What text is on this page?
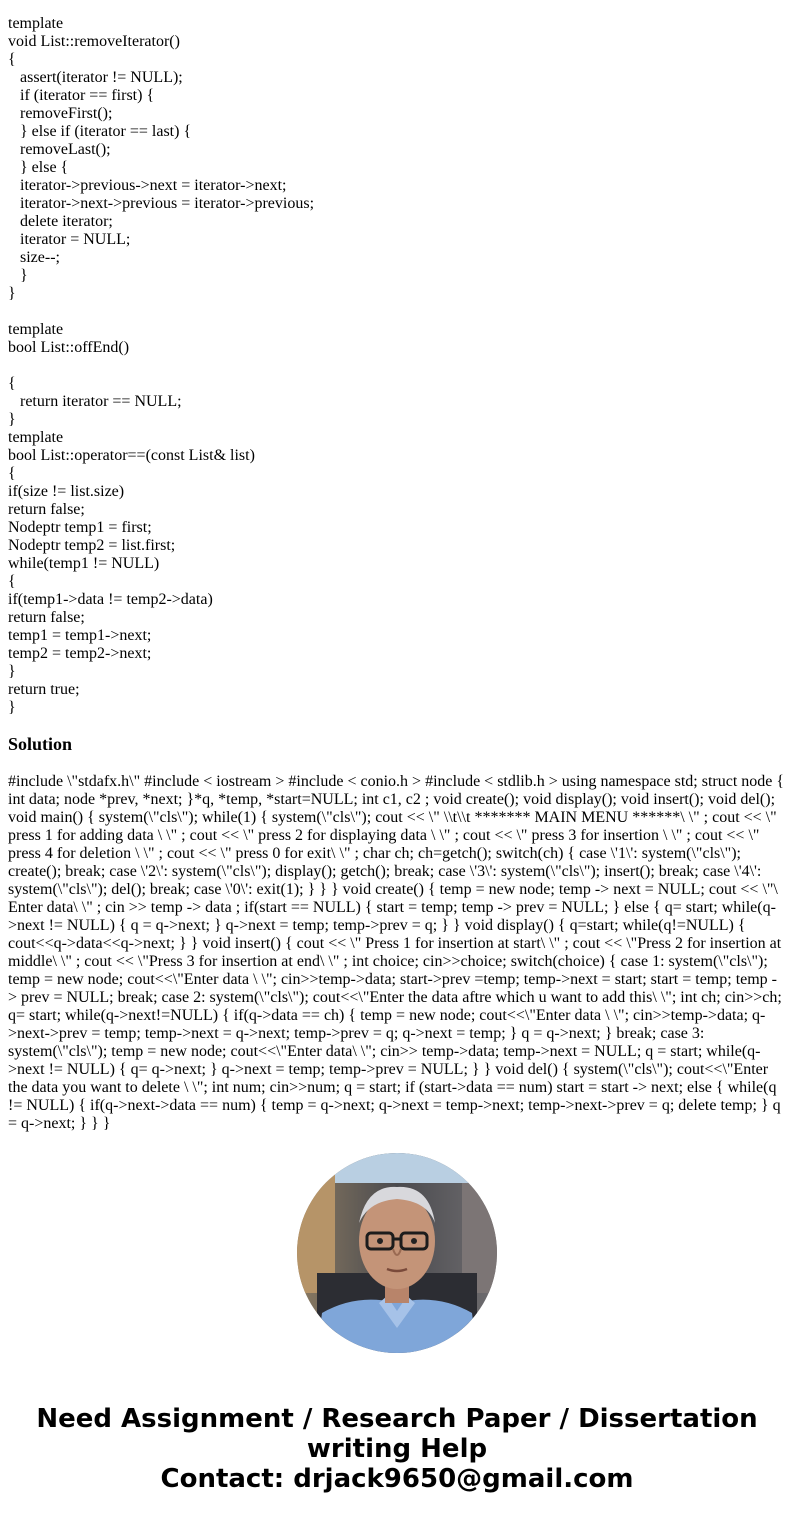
template
void List::removeIterator()
{
assert(iterator != NULL);
if (iterator == first) {
removeFirst();
} else if (iterator == last) {
removeLast();
} else {
iterator->previous->next = iterator->next;
iterator->next->previous = iterator->previous;
delete iterator;
iterator = NULL;
size--;
}
}
template
bool List::offEnd()
{
return iterator == NULL;
}
template
bool List::operator==(const List& list)
{
if(size != list.size)
return false;
Nodeptr temp1 = first;
Nodeptr temp2 = list.first;
while(temp1 != NULL)
{
if(temp1->data != temp2->data)
return false;
temp1 = temp1->next;
temp2 = temp2->next;
}
return true;
}
Solution
#include \"stdafx.h\" #include < iostream > #include < conio.h > #include < stdlib.h > using namespace std; struct node { int data; node *prev, *next; }*q, *temp, *start=NULL; int c1, c2 ; void create(); void display(); void insert(); void del(); void main() { system(\"cls\"); while(1) { system(\"cls\"); cout << \" \\t\\t ******* MAIN MENU ******\ \" ; cout << \" press 1 for adding data \ \" ; cout << \" press 2 for displaying data \ \" ; cout << \" press 3 for insertion \ \" ; cout << \" press 4 for deletion \ \" ; cout << \" press 0 for exit\ \" ; char ch; ch=getch(); switch(ch) { case \'1\': system(\"cls\"); create(); break; case \'2\': system(\"cls\"); display(); getch(); break; case \'3\': system(\"cls\"); insert(); break; case \'4\': system(\"cls\"); del(); break; case \'0\': exit(1); } } } void create() { temp = new node; temp -> next = NULL; cout << \"\ Enter data\ \" ; cin >> temp -> data ; if(start == NULL) { start = temp; temp -> prev = NULL; } else { q= start; while(q->next != NULL) { q = q->next; } q->next = temp; temp->prev = q; } } void display() { q=start; while(q!=NULL) { cout<<q->data<<q->next; } } void insert() { cout << \" Press 1 for insertion at start\ \" ; cout << \"Press 2 for insertion at middle\ \" ; cout << \"Press 3 for insertion at end\ \" ; int choice; cin>>choice; switch(choice) { case 1: system(\"cls\"); temp = new node; cout<<\"Enter data \ \"; cin>>temp->data; start->prev =temp; temp->next = start; start = temp; temp -> prev = NULL; break; case 2: system(\"cls\"); cout<<\"Enter the data aftre which u want to add this\ \"; int ch; cin>>ch; q= start; while(q->next!=NULL) { if(q->data == ch) { temp = new node; cout<<\"Enter data \ \"; cin>>temp->data; q->next->prev = temp; temp->next = q->next; temp->prev = q; q->next = temp; } q = q->next; } break; case 3: system(\"cls\"); temp = new node; cout<<\"Enter data\ \"; cin>> temp->data; temp->next = NULL; q = start; while(q->next != NULL) { q= q->next; } q->next = temp; temp->prev = NULL; } } void del() { system(\"cls\"); cout<<\"Enter the data you want to delete \ \"; int num; cin>>num; q = start; if (start->data == num) start = start -> next; else { while(q != NULL) { if(q->next->data == num) { temp = q->next; q->next = temp->next; temp->next->prev = q; delete temp; } q = q->next; } } }
Need Assignment / Research Paper / Dissertation
writing Help
Contact: drjack9650@gmail.com
